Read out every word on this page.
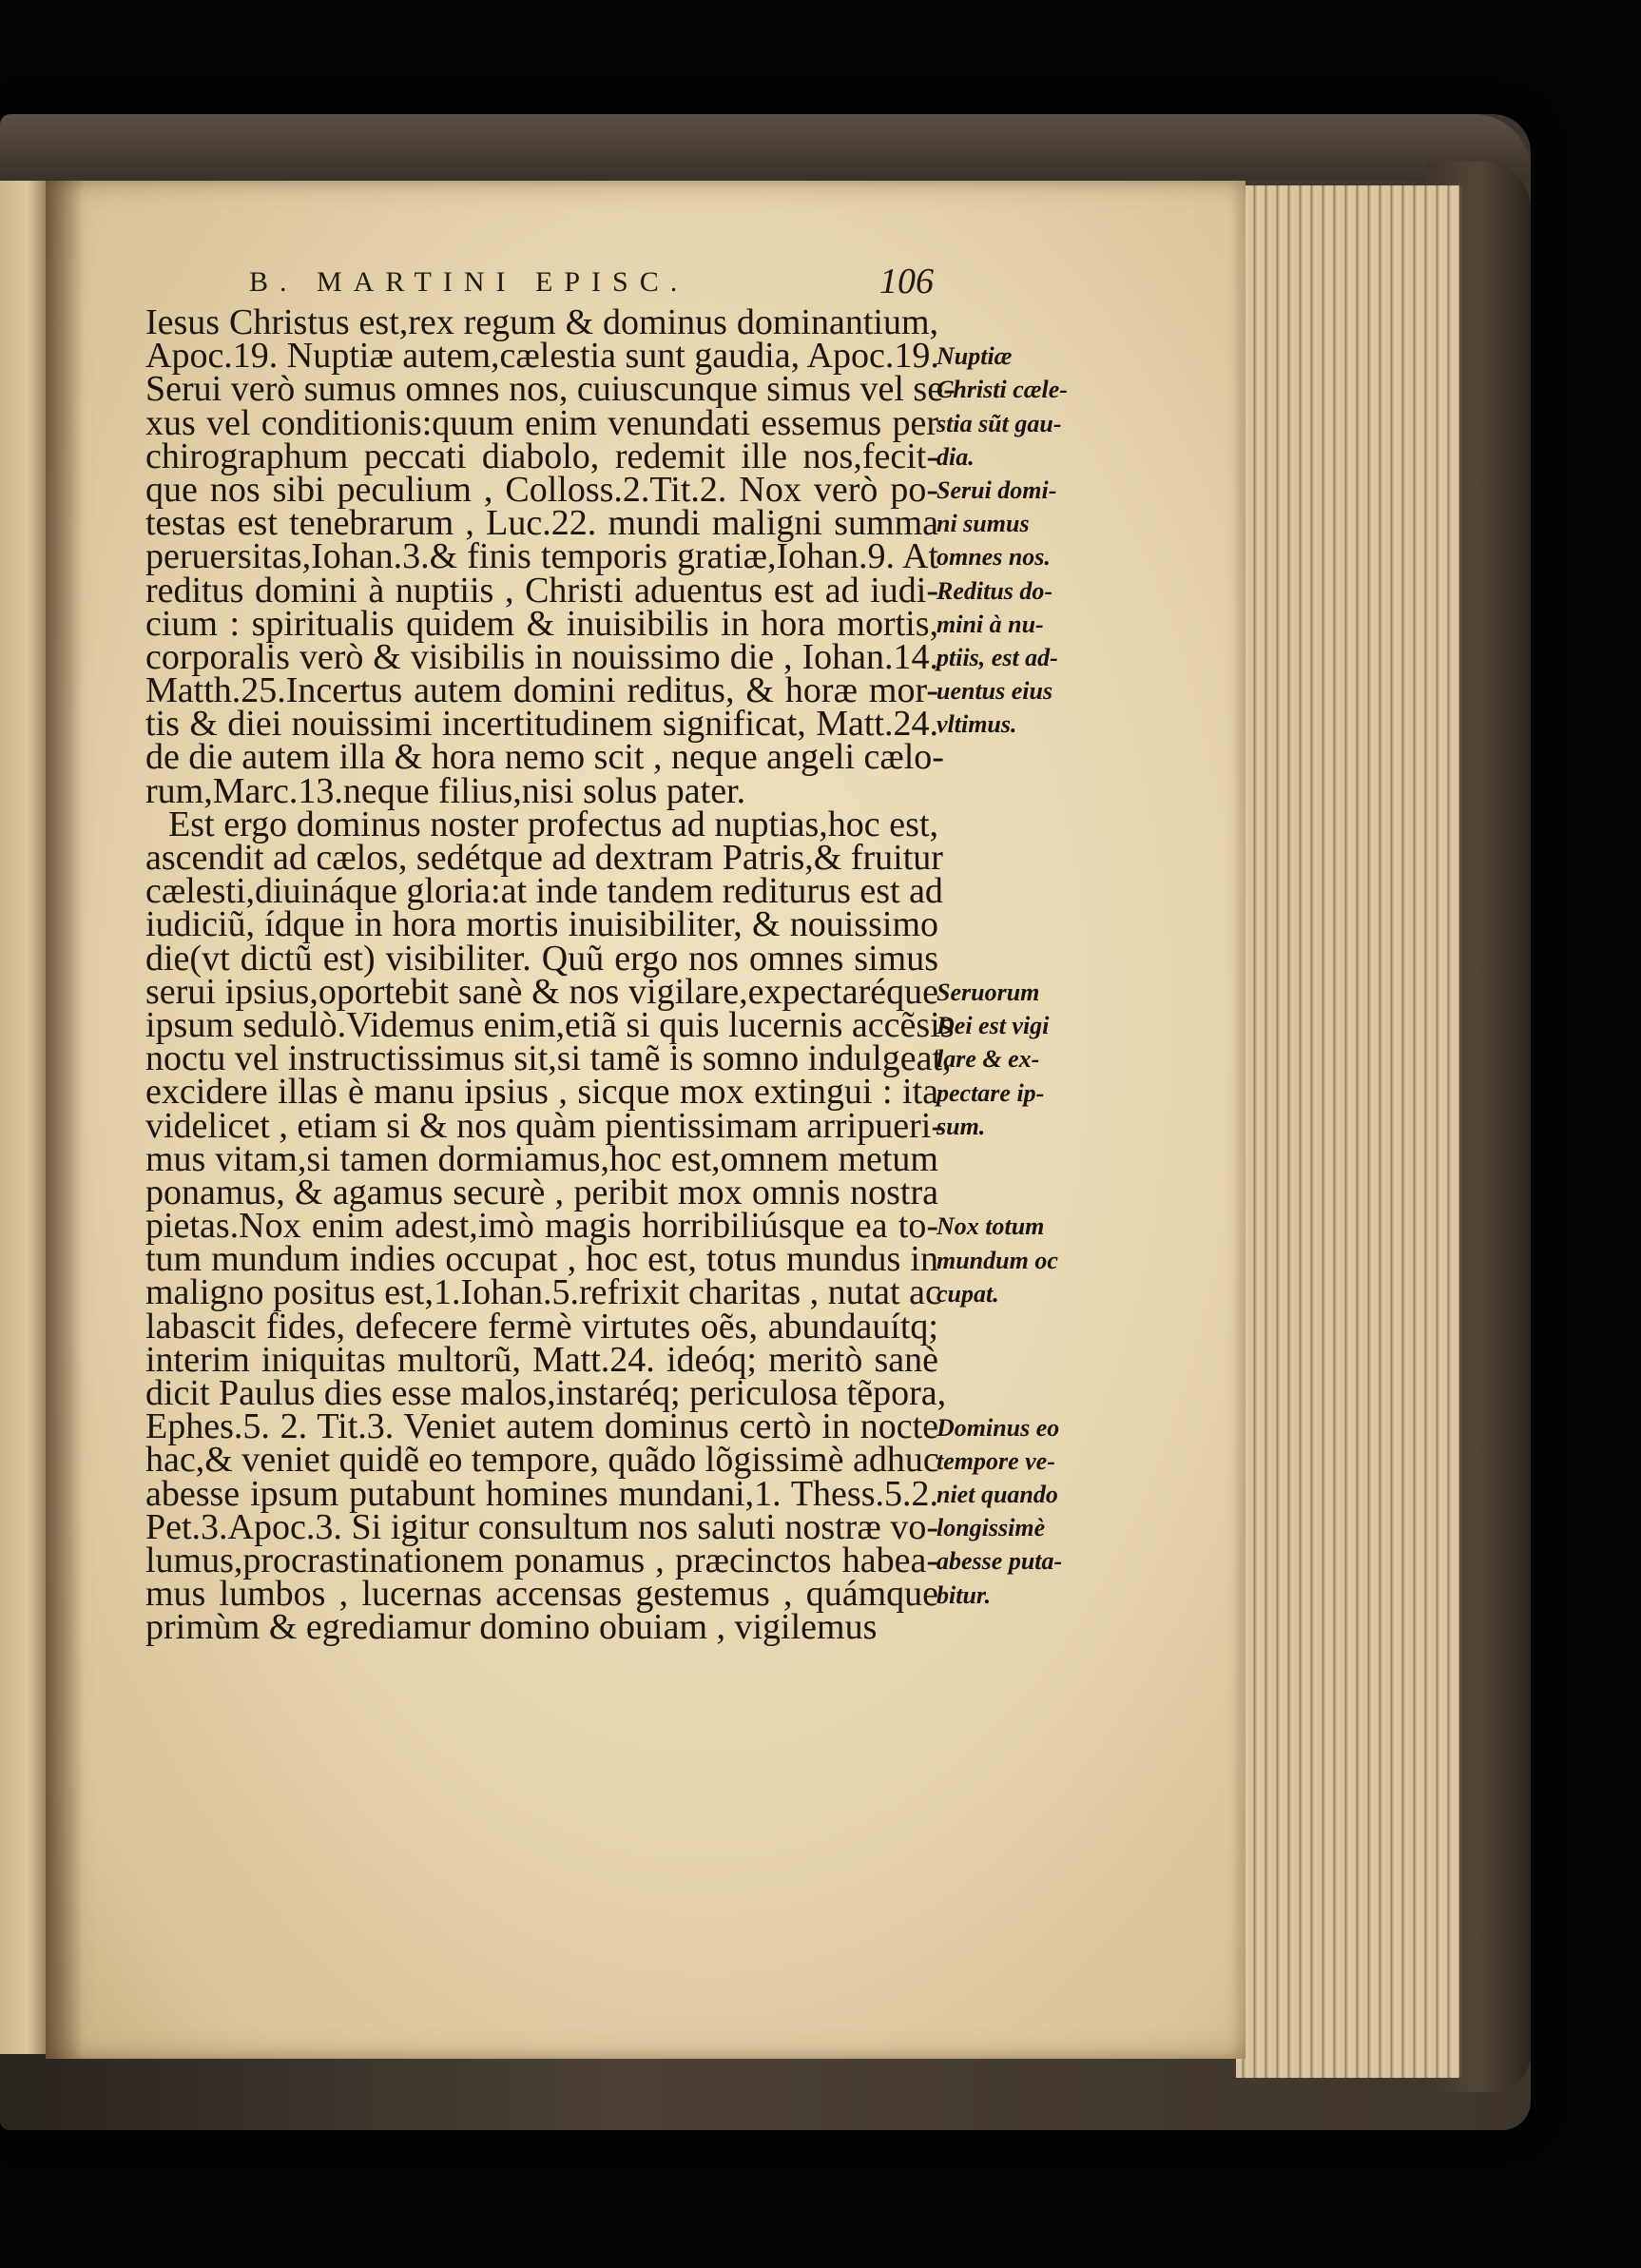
B. MARTINI EPISC.	106
Iesus Christus est,rex regum & dominus dominantium,
Apoc.19. Nuptiæ autem,cælestia sunt gaudia, Apoc.19.
Serui verò sumus omnes nos, cuiuscunque simus vel se-
xus vel conditionis:quum enim venundati essemus per
chirographum peccati diabolo, redemit ille nos,fecit-
que nos sibi peculium , Colloss.2.Tit.2. Nox verò po-
testas est tenebrarum , Luc.22. mundi maligni summa
peruersitas,Iohan.3.& finis temporis gratiæ,Iohan.9. At
reditus domini à nuptiis , Christi aduentus est ad iudi-
cium : spiritualis quidem & inuisibilis in hora mortis,
corporalis verò & visibilis in nouissimo die , Iohan.14.
Matth.25.Incertus autem domini reditus, & horæ mor-
tis & diei nouissimi incertitudinem significat, Matt.24.
de die autem illa & hora nemo scit , neque angeli cælo-
rum,Marc.13.neque filius,nisi solus pater.
Est ergo dominus noster profectus ad nuptias,hoc est,
ascendit ad cælos, sedétque ad dextram Patris,& fruitur
cælesti,diuináque gloria:at inde tandem rediturus est ad
iudiciũ, ídque in hora mortis inuisibiliter, & nouissimo
die(vt dictũ est) visibiliter. Quũ ergo nos omnes simus
serui ipsius,oportebit sanè & nos vigilare,expectaréque
ipsum sedulò.Videmus enim,etiã si quis lucernis accẽsis
noctu vel instructissimus sit,si tamẽ is somno indulgeat,
excidere illas è manu ipsius , sicque mox extingui : ita
videlicet , etiam si & nos quàm pientissimam arripueri-
mus vitam,si tamen dormiamus,hoc est,omnem metum
ponamus, & agamus securè , peribit mox omnis nostra
pietas.Nox enim adest,imò magis horribiliúsque ea to-
tum mundum indies occupat , hoc est, totus mundus in
maligno positus est,1.Iohan.5.refrixit charitas , nutat ac
labascit fides, defecere fermè virtutes oẽs, abundauítq;
interim iniquitas multorũ, Matt.24. ideóq; meritò sanè
dicit Paulus dies esse malos,instaréq; periculosa tẽpora,
Ephes.5. 2. Tit.3. Veniet autem dominus certò in nocte
hac,& veniet quidẽ eo tempore, quãdo lõgissimè adhuc
abesse ipsum putabunt homines mundani,1. Thess.5.2.
Pet.3.Apoc.3. Si igitur consultum nos saluti nostræ vo-
lumus,procrastinationem ponamus , præcinctos habea-
mus lumbos , lucernas accensas gestemus , quámque
primùm & egrediamur domino obuiam , vigilemus
Nuptiæ
Christi cæle-
stia sũt gau-
dia.
Serui domi-
ni sumus
omnes nos.
Reditus do-
mini à nu-
ptiis, est ad-
uentus eius
vltimus.
Seruorum
Dei est vigi
lare & ex-
pectare ip-
sum.
Nox totum
mundum oc
cupat.
Dominus eo
tempore ve-
niet quando
longissimè
abesse puta-
bitur.
